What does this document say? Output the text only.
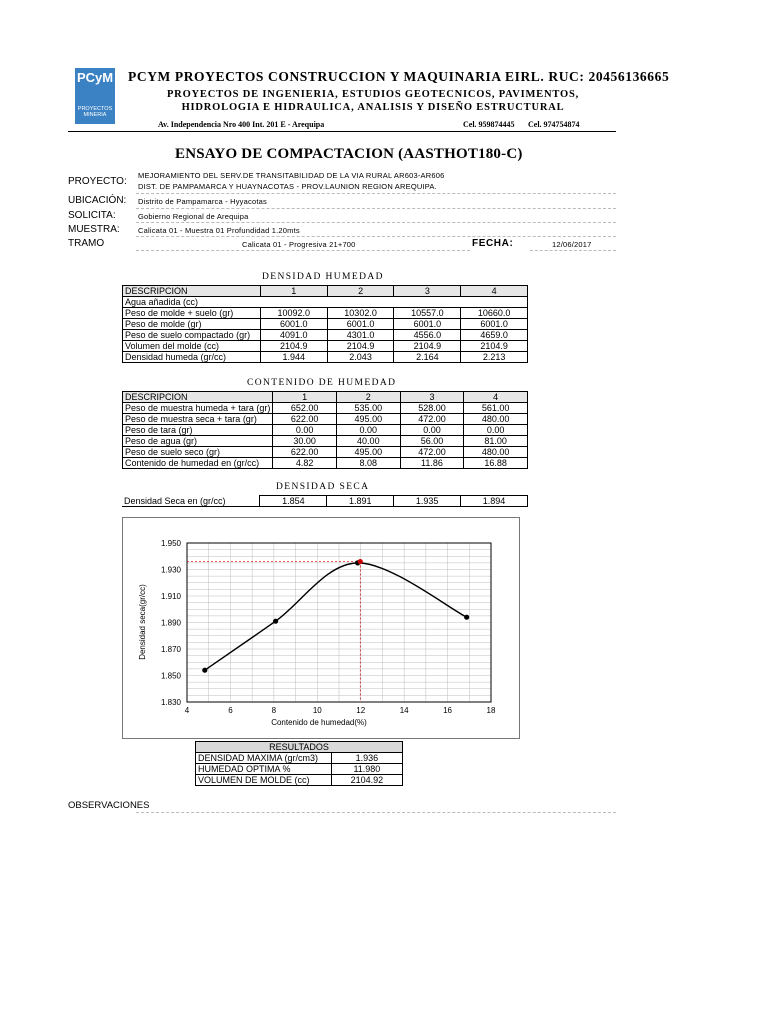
PCyM
PROYECTOS MINERIA
PCYM PROYECTOS CONSTRUCCION Y MAQUINARIA EIRL. RUC: 20456136665
PROYECTOS DE INGENIERIA, ESTUDIOS GEOTECNICOS, PAVIMENTOS, HIDROLOGIA E HIDRAULICA, ANALISIS Y DISEÑO ESTRUCTURAL
Av. Independencia Nro 400 Int. 201 E - Arequipa	Cel. 959874445 Cel. 974754874
ENSAYO DE COMPACTACION (AASTHOT180-C)
PROYECTO:
MEJORAMIENTO DEL SERV.DE TRANSITABILIDAD DE LA VIA RURAL AR603-AR606
DIST. DE PAMPAMARCA Y HUAYNACOTAS - PROV.LAUNION REGION AREQUIPA.
UBICACIÓN: Distrito de Pampamarca - Hyyacotas
SOLICITA:	Gobierno Regional de Arequipa
MUESTRA: Calicata 01 - Muestra 01 Profundidad 1.20mts
TRAMO	Calicata 01 - Progresiva 21+700	FECHA:	12/06/2017
DENSIDAD HUMEDAD
DESCRIPCION	1	2	3	4
Agua añadida (cc)				
Peso de molde + suelo (gr)	10092.0	10302.0	10557.0	10660.0
Peso de molde (gr)	6001.0	6001.0	6001.0	6001.0
Peso de suelo compactado (gr)	4091.0	4301.0	4556.0	4659.0
Volumen del molde (cc)	2104.9	2104.9	2104.9	2104.9
Densidad humeda (gr/cc)	1.944	2.043	2.164	2.213
CONTENIDO DE HUMEDAD
DESCRIPCION	1	2	3	4
Peso de muestra humeda + tara (gr)	652.00	535.00	528.00	561.00
Peso de muestra seca + tara (gr)	622.00	495.00	472.00	480.00
Peso de tara (gr)	0.00	0.00	0.00	0.00
Peso de agua (gr)	30.00	40.00	56.00	81.00
Peso de suelo seco (gr)	622.00	495.00	472.00	480.00
Contenido de humedad en (gr/cc)	4.82	8.08	11.86	16.88
DENSIDAD SECA
Densidad Seca en (gr/cc)	1.854	1.891	1.935	1.894
4	6	8	10	12	14	16	18
1.950
1.930
1.910
1.890
1.870
1.850
1.830
Contenido de humedad(%)
Densidad seca(gr/cc)
RESULTADOS	
DENSIDAD MAXIMA (gr/cm3)	1.936
HUMEDAD OPTIMA %	11.980
VOLUMEN DE MOLDE (cc)	2104.92
OBSERVACIONES
